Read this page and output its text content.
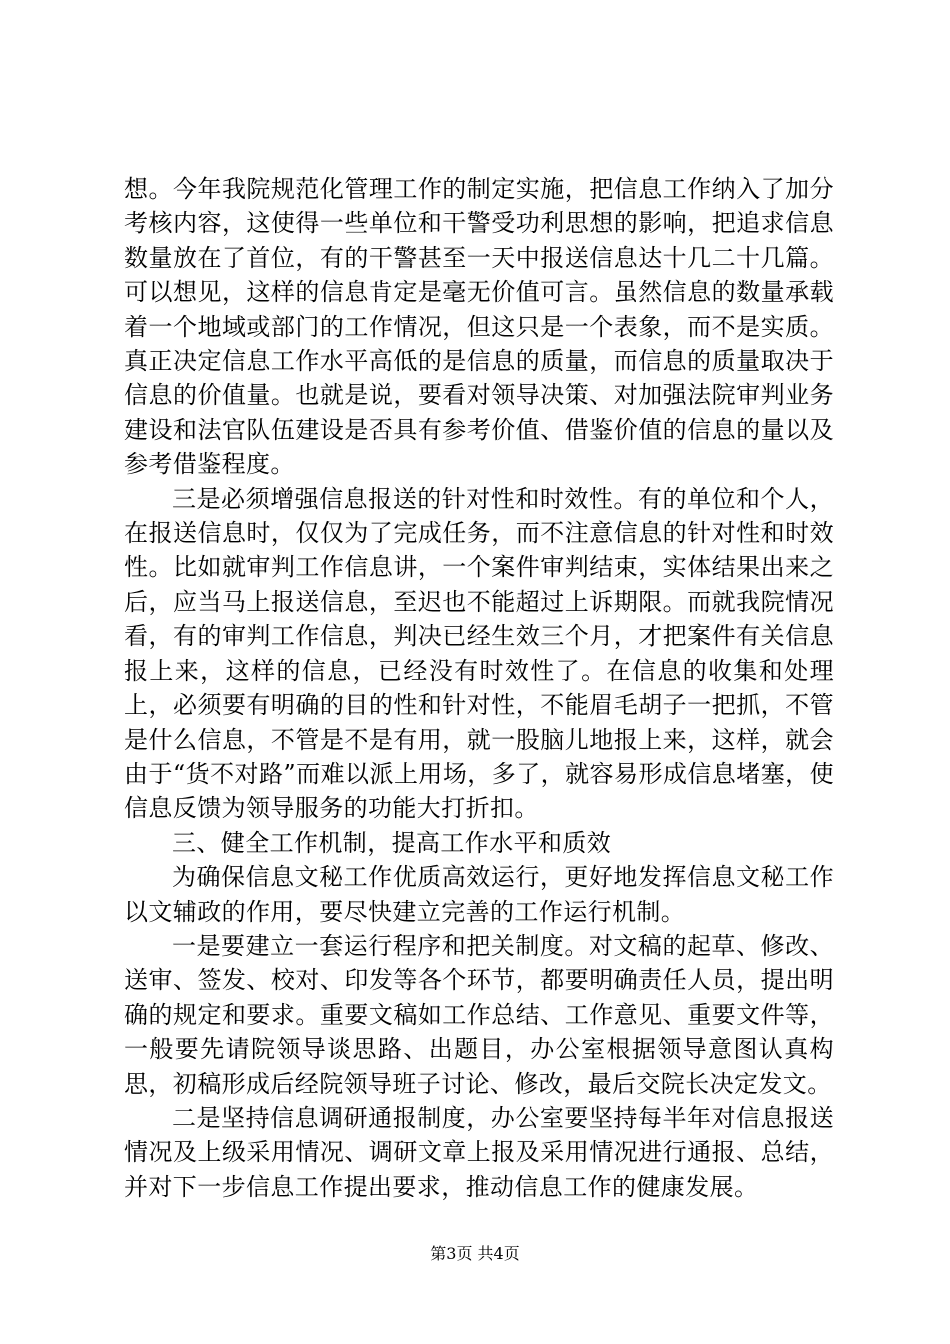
想。今年我院规范化管理工作的制定实施，把信息工作纳入了加分考核内容，这使得一些单位和干警受功利思想的影响，把追求信息数量放在了首位，有的干警甚至一天中报送信息达十几二十几篇。可以想见，这样的信息肯定是毫无价值可言。虽然信息的数量承载着一个地域或部门的工作情况，但这只是一个表象，而不是实质。真正决定信息工作水平高低的是信息的质量，而信息的质量取决于信息的价值量。也就是说，要看对领导决策、对加强法院审判业务建设和法官队伍建设是否具有参考价值、借鉴价值的信息的量以及参考借鉴程度。

三是必须增强信息报送的针对性和时效性。有的单位和个人，在报送信息时，仅仅为了完成任务，而不注意信息的针对性和时效性。比如就审判工作信息讲，一个案件审判结束，实体结果出来之后，应当马上报送信息，至迟也不能超过上诉期限。而就我院情况看，有的审判工作信息，判决已经生效三个月，才把案件有关信息报上来，这样的信息，已经没有时效性了。在信息的收集和处理上，必须要有明确的目的性和针对性，不能眉毛胡子一把抓，不管是什么信息，不管是不是有用，就一股脑儿地报上来，这样，就会由于“货不对路”而难以派上用场，多了，就容易形成信息堵塞，使信息反馈为领导服务的功能大打折扣。

三、健全工作机制，提高工作水平和质效

为确保信息文秘工作优质高效运行，更好地发挥信息文秘工作以文辅政的作用，要尽快建立完善的工作运行机制。

一是要建立一套运行程序和把关制度。对文稿的起草、修改、送审、签发、校对、印发等各个环节，都要明确责任人员，提出明确的规定和要求。重要文稿如工作总结、工作意见、重要文件等，一般要先请院领导谈思路、出题目，办公室根据领导意图认真构思，初稿形成后经院领导班子讨论、修改，最后交院长决定发文。

二是坚持信息调研通报制度，办公室要坚持每半年对信息报送情况及上级采用情况、调研文章上报及采用情况进行通报、总结，并对下一步信息工作提出要求，推动信息工作的健康发展。

第3页 共4页
